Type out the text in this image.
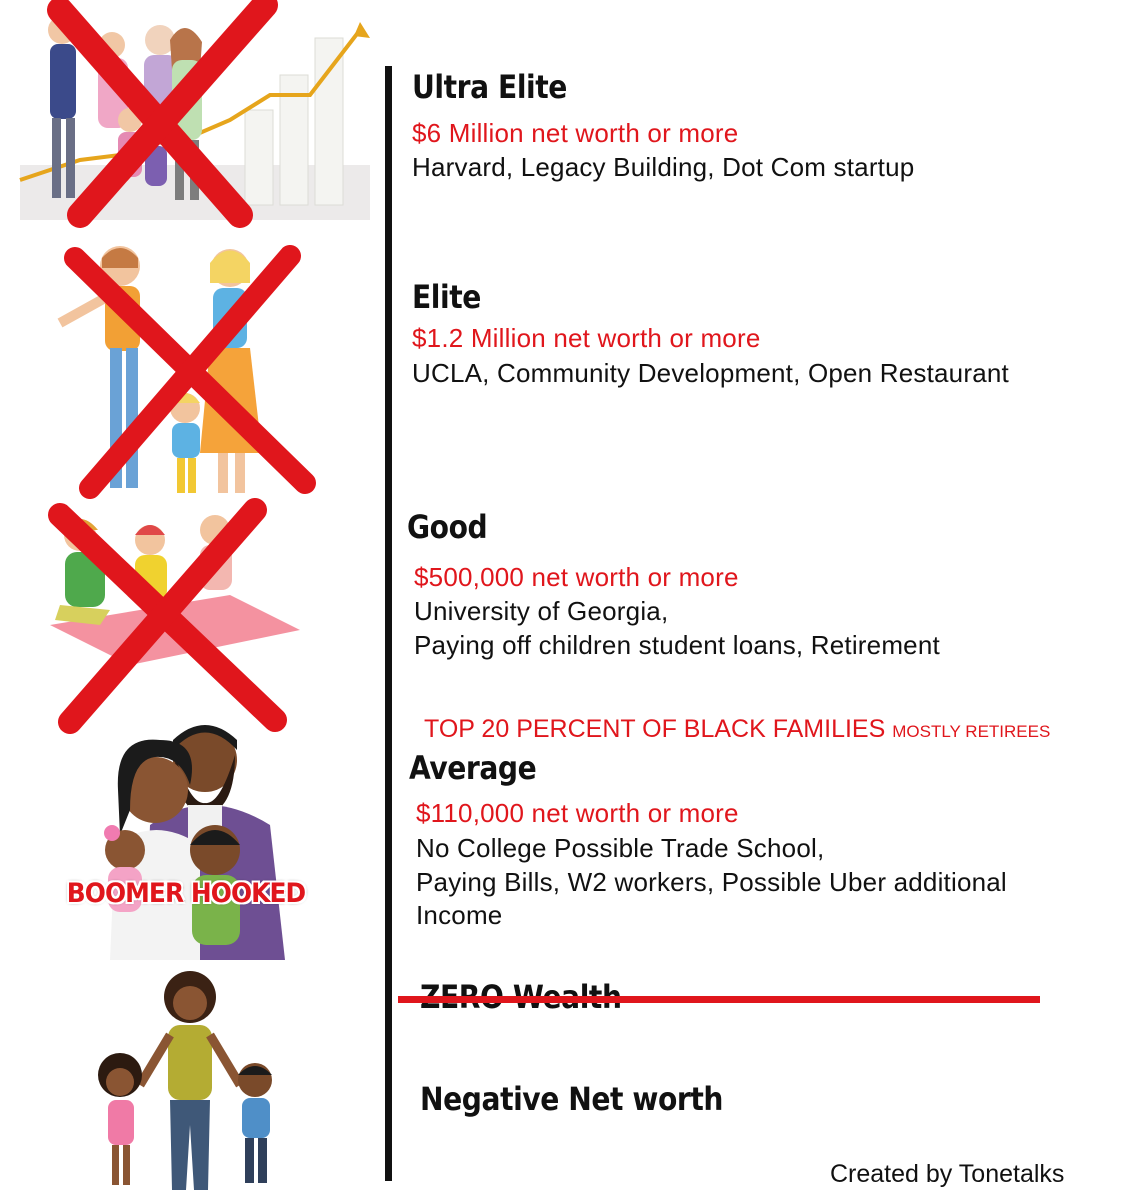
BOOMER HOOKED
Ultra Elite
$6 Million net worth or more
Harvard, Legacy Building, Dot Com startup
Elite
$1.2 Million net worth or more
UCLA, Community Development, Open Restaurant
Good
$500,000 net worth or more
University of Georgia,
Paying off children student loans, Retirement
TOP 20 PERCENT OF BLACK FAMILIES MOSTLY RETIREES
Average
$110,000 net worth or more
No College Possible Trade School,
Paying Bills, W2 workers, Possible Uber additional
Income
Negative Net worth
Created by Tonetalks
